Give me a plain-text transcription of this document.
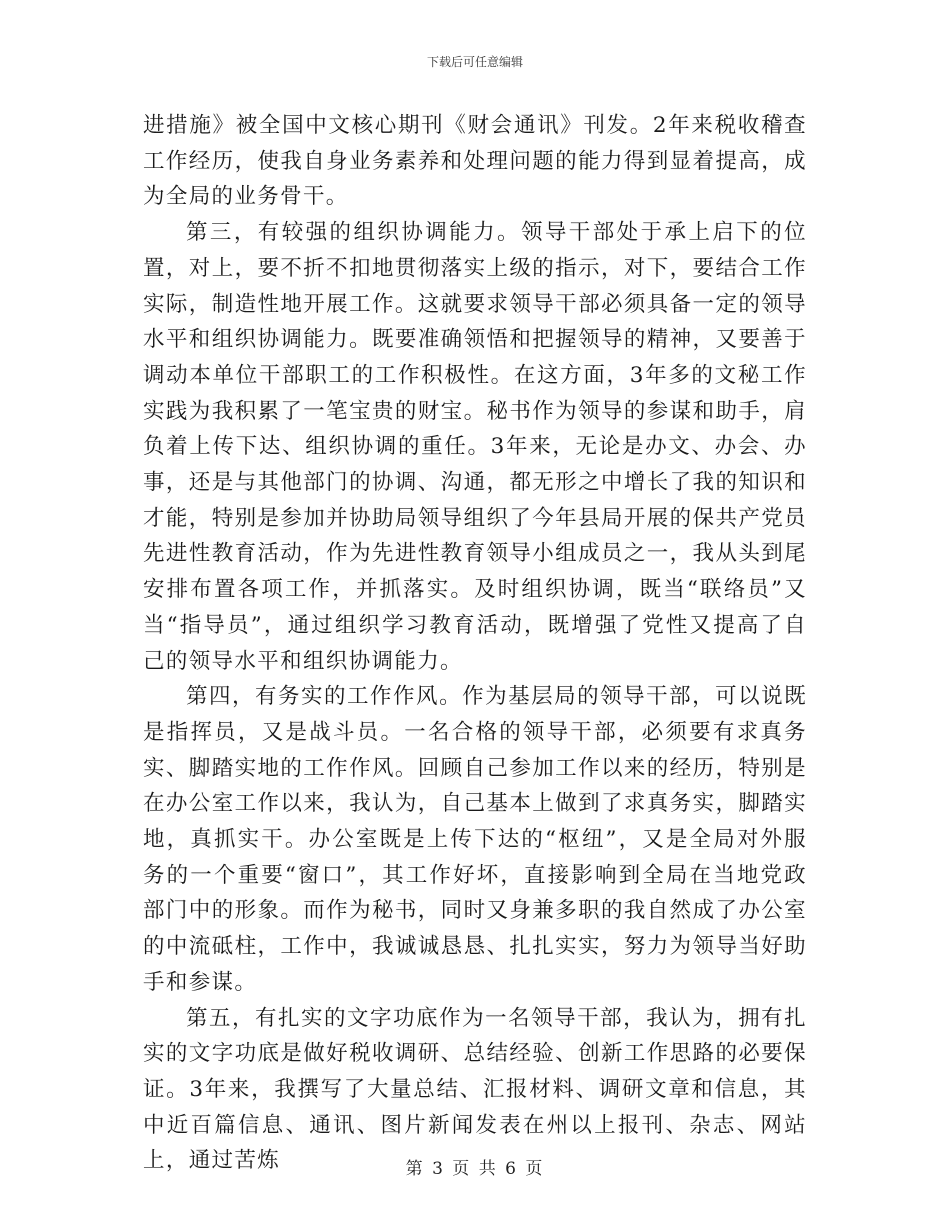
下载后可任意编辑

进措施》被全国中文核心期刊《财会通讯》刊发。2年来税收稽查工作经历，使我自身业务素养和处理问题的能力得到显着提高，成为全局的业务骨干。

第三，有较强的组织协调能力。领导干部处于承上启下的位置，对上，要不折不扣地贯彻落实上级的指示，对下，要结合工作实际，制造性地开展工作。这就要求领导干部必须具备一定的领导水平和组织协调能力。既要准确领悟和把握领导的精神，又要善于调动本单位干部职工的工作积极性。在这方面，3年多的文秘工作实践为我积累了一笔宝贵的财宝。秘书作为领导的参谋和助手，肩负着上传下达、组织协调的重任。3年来，无论是办文、办会、办事，还是与其他部门的协调、沟通，都无形之中增长了我的知识和才能，特别是参加并协助局领导组织了今年县局开展的保共产党员先进性教育活动，作为先进性教育领导小组成员之一，我从头到尾安排布置各项工作，并抓落实。及时组织协调，既当“联络员”又当“指导员”，通过组织学习教育活动，既增强了党性又提高了自己的领导水平和组织协调能力。

第四，有务实的工作作风。作为基层局的领导干部，可以说既是指挥员，又是战斗员。一名合格的领导干部，必须要有求真务实、脚踏实地的工作作风。回顾自己参加工作以来的经历，特别是在办公室工作以来，我认为，自己基本上做到了求真务实，脚踏实地，真抓实干。办公室既是上传下达的“枢纽”，又是全局对外服务的一个重要“窗口”，其工作好坏，直接影响到全局在当地党政部门中的形象。而作为秘书，同时又身兼多职的我自然成了办公室的中流砥柱，工作中，我诚诚恳恳、扎扎实实，努力为领导当好助手和参谋。

第五，有扎实的文字功底作为一名领导干部，我认为，拥有扎实的文字功底是做好税收调研、总结经验、创新工作思路的必要保证。3年来，我撰写了大量总结、汇报材料、调研文章和信息，其中近百篇信息、通讯、图片新闻发表在州以上报刊、杂志、网站上，通过苦炼	第 3 页 共 6 页
